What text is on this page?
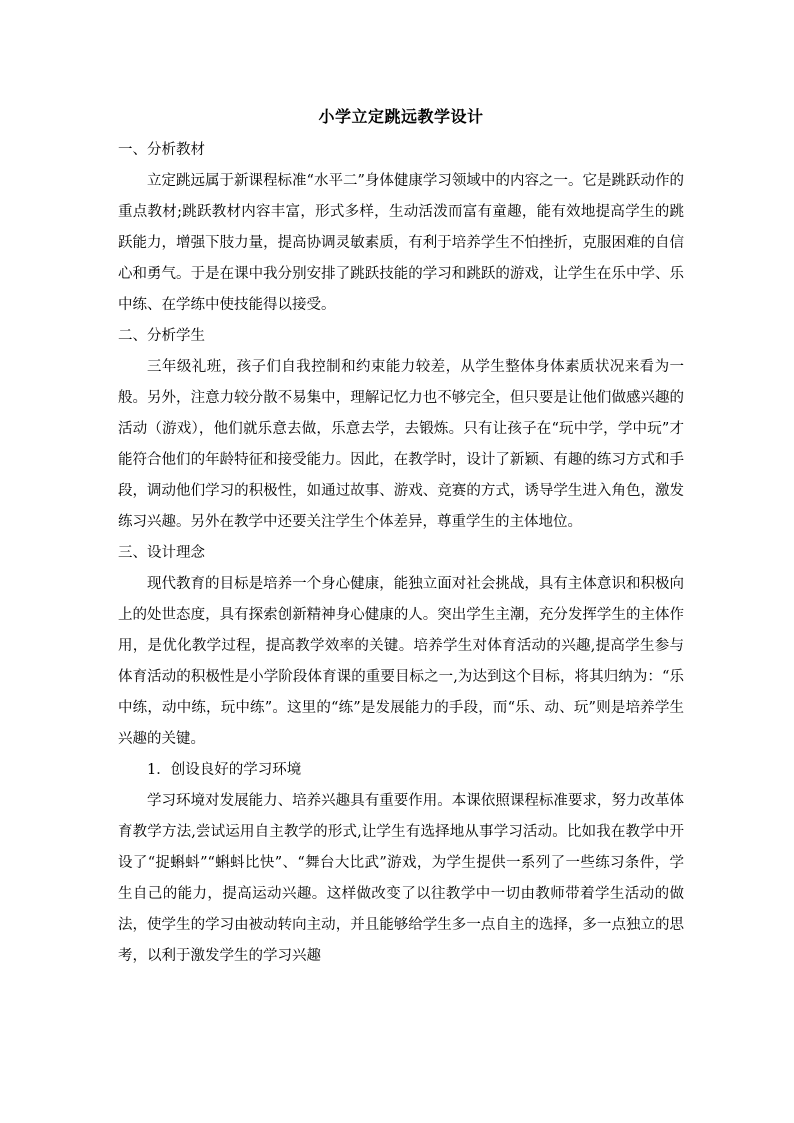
小学立定跳远教学设计

一、分析教材

立定跳远属于新课程标准“水平二”身体健康学习领域中的内容之一。它是跳跃动作的重点教材;跳跃教材内容丰富，形式多样，生动活泼而富有童趣，能有效地提高学生的跳跃能力，增强下肢力量，提高协调灵敏素质，有利于培养学生不怕挫折，克服困难的自信心和勇气。于是在课中我分别安排了跳跃技能的学习和跳跃的游戏，让学生在乐中学、乐中练、在学练中使技能得以接受。

二、分析学生

三年级礼班，孩子们自我控制和约束能力较差，从学生整体身体素质状况来看为一般。另外，注意力较分散不易集中，理解记忆力也不够完全，但只要是让他们做感兴趣的活动（游戏），他们就乐意去做，乐意去学，去锻炼。只有让孩子在“玩中学，学中玩”才能符合他们的年龄特征和接受能力。因此，在教学时，设计了新颖、有趣的练习方式和手段，调动他们学习的积极性，如通过故事、游戏、竞赛的方式，诱导学生进入角色，激发练习兴趣。另外在教学中还要关注学生个体差异，尊重学生的主体地位。

三、设计理念

现代教育的目标是培养一个身心健康，能独立面对社会挑战，具有主体意识和积极向上的处世态度，具有探索创新精神身心健康的人。突出学生主潮，充分发挥学生的主体作用，是优化教学过程，提高教学效率的关键。培养学生对体育活动的兴趣,提高学生参与体育活动的积极性是小学阶段体育课的重要目标之一,为达到这个目标，将其归纳为：“乐中练，动中练，玩中练”。这里的“练”是发展能力的手段，而“乐、动、玩”则是培养学生兴趣的关键。

1．创设良好的学习环境

学习环境对发展能力、培养兴趣具有重要作用。本课依照课程标准要求，努力改革体育教学方法,尝试运用自主教学的形式,让学生有选择地从事学习活动。比如我在教学中开设了“捉蝌蚪”“蝌蚪比快”、“舞台大比武”游戏，为学生提供一系列了一些练习条件，学生自己的能力，提高运动兴趣。这样做改变了以往教学中一切由教师带着学生活动的做法，使学生的学习由被动转向主动，并且能够给学生多一点自主的选择，多一点独立的思考，以利于激发学生的学习兴趣
